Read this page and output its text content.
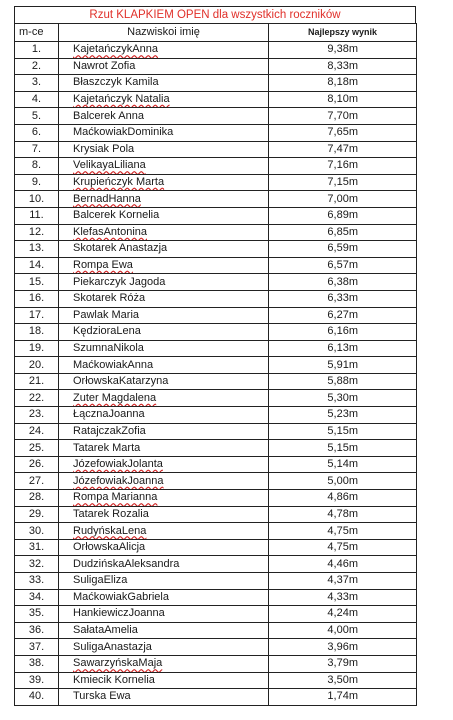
Rzut KLAPKIEM OPEN dla wszystkich roczników
m-ce	Nazwiskoi imię	Najlepszy wynik
1.	KajetańczykAnna	9,38m
2.	Nawrot Zofia	8,33m
3.	Błaszczyk Kamila	8,18m
4.	Kajetańczyk Natalia	8,10m
5.	Balcerek Anna	7,70m
6.	MaćkowiakDominika	7,65m
7.	Krysiak Pola	7,47m
8.	VelikayaLiliana	7,16m
9.	Krupieńczyk Marta	7,15m
10.	BernadHanna	7,00m
11.	Balcerek Kornelia	6,89m
12.	KlefasAntonina	6,85m
13.	Skotarek Anastazja	6,59m
14.	Rompa Ewa	6,57m
15.	Piekarczyk Jagoda	6,38m
16.	Skotarek Róża	6,33m
17.	Pawlak Maria	6,27m
18.	KędzioraLena	6,16m
19.	SzumnaNikola	6,13m
20.	MaćkowiakAnna	5,91m
21.	OrłowskaKatarzyna	5,88m
22.	Zuter Magdalena	5,30m
23.	ŁącznaJoanna	5,23m
24.	RatajczakZofia	5,15m
25.	Tatarek Marta	5,15m
26.	JózefowiakJolanta	5,14m
27.	JózefowiakJoanna	5,00m
28.	Rompa Marianna	4,86m
29.	Tatarek Rozalia	4,78m
30.	RudyńskaLena	4,75m
31.	OrłowskaAlicja	4,75m
32.	DudzińskaAleksandra	4,46m
33.	SuligaEliza	4,37m
34.	MaćkowiakGabriela	4,33m
35.	HankiewiczJoanna	4,24m
36.	SałataAmelia	4,00m
37.	SuligaAnastazja	3,96m
38.	SawarzyńskaMaja	3,79m
39.	Kmiecik Kornelia	3,50m
40.	Turska Ewa	1,74m
